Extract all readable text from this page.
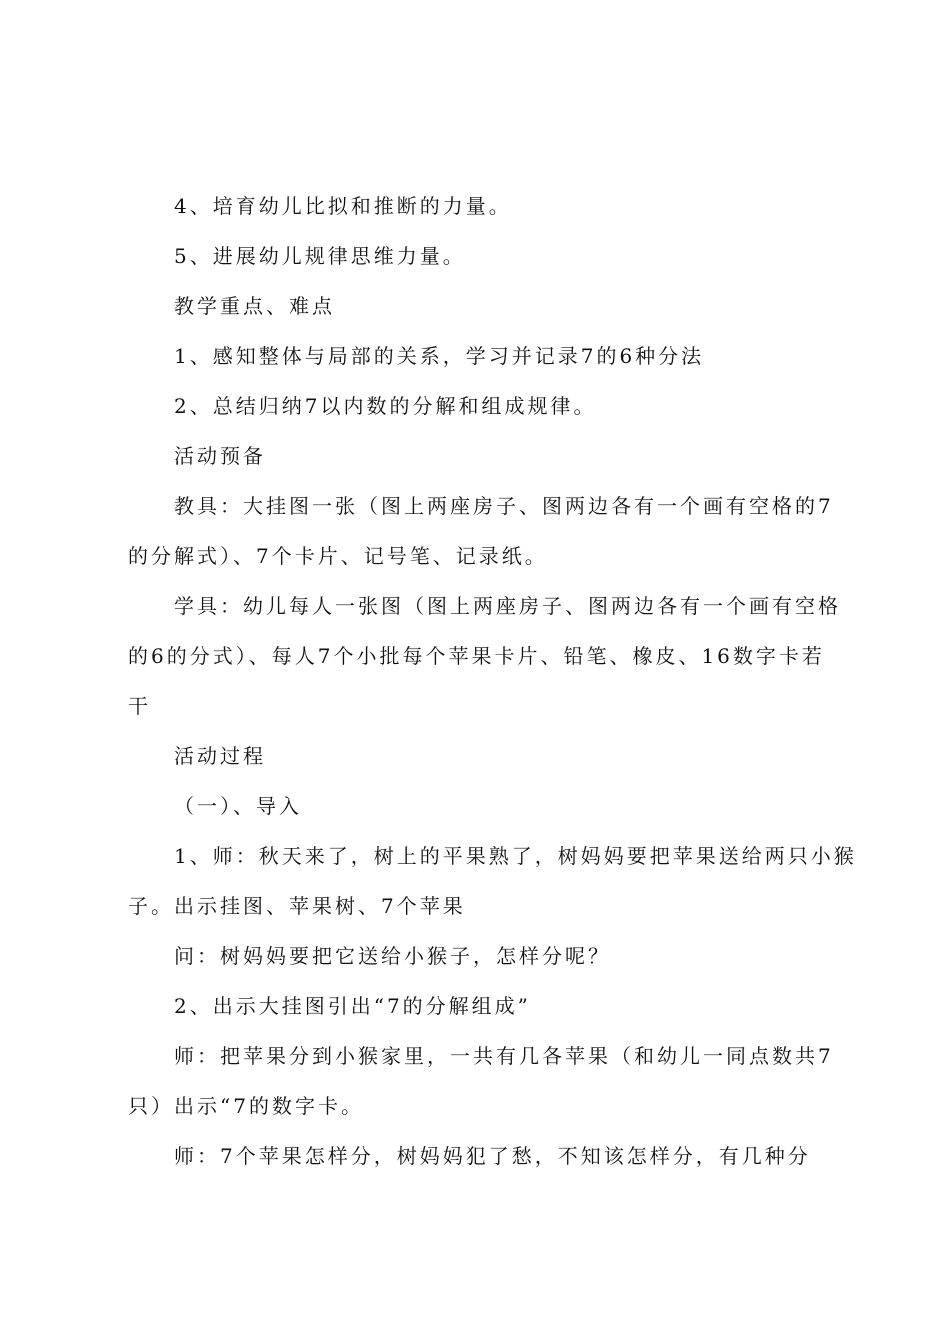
4、培育幼儿比拟和推断的力量。
5、进展幼儿规律思维力量。
教学重点、难点
1、感知整体与局部的关系，学习并记录7的6种分法
2、总结归纳7以内数的分解和组成规律。
活动预备
教具：大挂图一张（图上两座房子、图两边各有一个画有空格的7
的分解式）、7个卡片、记号笔、记录纸。
学具：幼儿每人一张图（图上两座房子、图两边各有一个画有空格
的6的分式）、每人7个小批每个苹果卡片、铅笔、橡皮、16数字卡若
干
活动过程
（一）、导入
1、师：秋天来了，树上的平果熟了，树妈妈要把苹果送给两只小猴
子。出示挂图、苹果树、7个苹果
问：树妈妈要把它送给小猴子，怎样分呢？
2、出示大挂图引出“7的分解组成”
师：把苹果分到小猴家里，一共有几各苹果（和幼儿一同点数共7
只）出示“7的数字卡。
师：7个苹果怎样分，树妈妈犯了愁，不知该怎样分，有几种分
